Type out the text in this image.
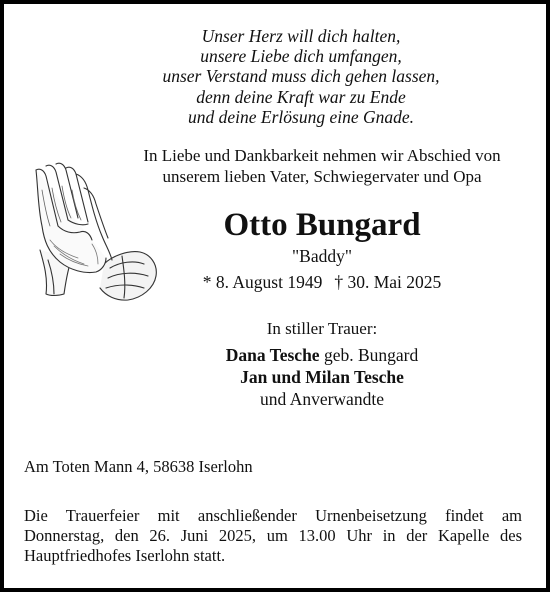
Unser Herz will dich halten,
unsere Liebe dich umfangen,
unser Verstand muss dich gehen lassen,
denn deine Kraft war zu Ende
und deine Erlösung eine Gnade.
In Liebe und Dankbarkeit nehmen wir Abschied von
unserem lieben Vater, Schwiegervater und Opa
Otto Bungard
"Baddy"
* 8. August 1949 † 30. Mai 2025
In stiller Trauer:
Dana Tesche geb. Bungard
Jan und Milan Tesche
und Anverwandte
Am Toten Mann 4, 58638 Iserlohn
Die Trauerfeier mit anschließender Urnenbeisetzung findet am
Donnerstag, den 26. Juni 2025, um 13.00 Uhr in der Kapelle des
Hauptfriedhofes Iserlohn statt.
